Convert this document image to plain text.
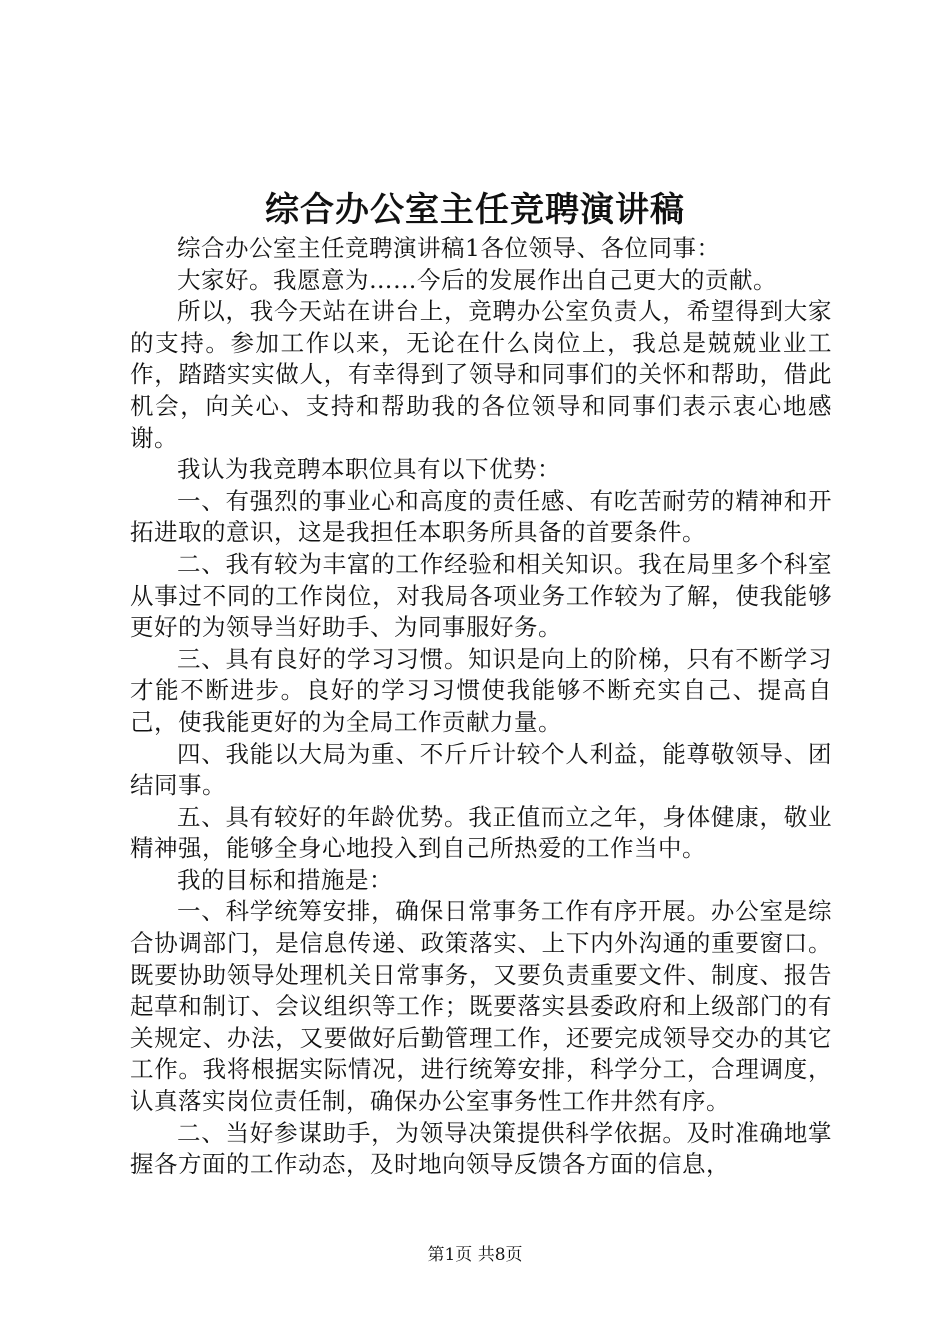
综合办公室主任竞聘演讲稿

综合办公室主任竞聘演讲稿1各位领导、各位同事：

大家好。我愿意为……今后的发展作出自己更大的贡献。

所以，我今天站在讲台上，竞聘办公室负责人，希望得到大家的支持。参加工作以来，无论在什么岗位上，我总是兢兢业业工作，踏踏实实做人，有幸得到了领导和同事们的关怀和帮助，借此机会，向关心、支持和帮助我的各位领导和同事们表示衷心地感谢。

我认为我竞聘本职位具有以下优势：

一、有强烈的事业心和高度的责任感、有吃苦耐劳的精神和开拓进取的意识，这是我担任本职务所具备的首要条件。

二、我有较为丰富的工作经验和相关知识。我在局里多个科室从事过不同的工作岗位，对我局各项业务工作较为了解，使我能够更好的为领导当好助手、为同事服好务。

三、具有良好的学习习惯。知识是向上的阶梯，只有不断学习才能不断进步。良好的学习习惯使我能够不断充实自己、提高自己，使我能更好的为全局工作贡献力量。

四、我能以大局为重、不斤斤计较个人利益，能尊敬领导、团结同事。

五、具有较好的年龄优势。我正值而立之年，身体健康，敬业精神强，能够全身心地投入到自己所热爱的工作当中。

我的目标和措施是：

一、科学统筹安排，确保日常事务工作有序开展。办公室是综合协调部门，是信息传递、政策落实、上下内外沟通的重要窗口。既要协助领导处理机关日常事务，又要负责重要文件、制度、报告起草和制订、会议组织等工作；既要落实县委政府和上级部门的有关规定、办法，又要做好后勤管理工作，还要完成领导交办的其它工作。我将根据实际情况，进行统筹安排，科学分工，合理调度，认真落实岗位责任制，确保办公室事务性工作井然有序。

二、当好参谋助手，为领导决策提供科学依据。及时准确地掌握各方面的工作动态，及时地向领导反馈各方面的信息，

第1页 共8页
